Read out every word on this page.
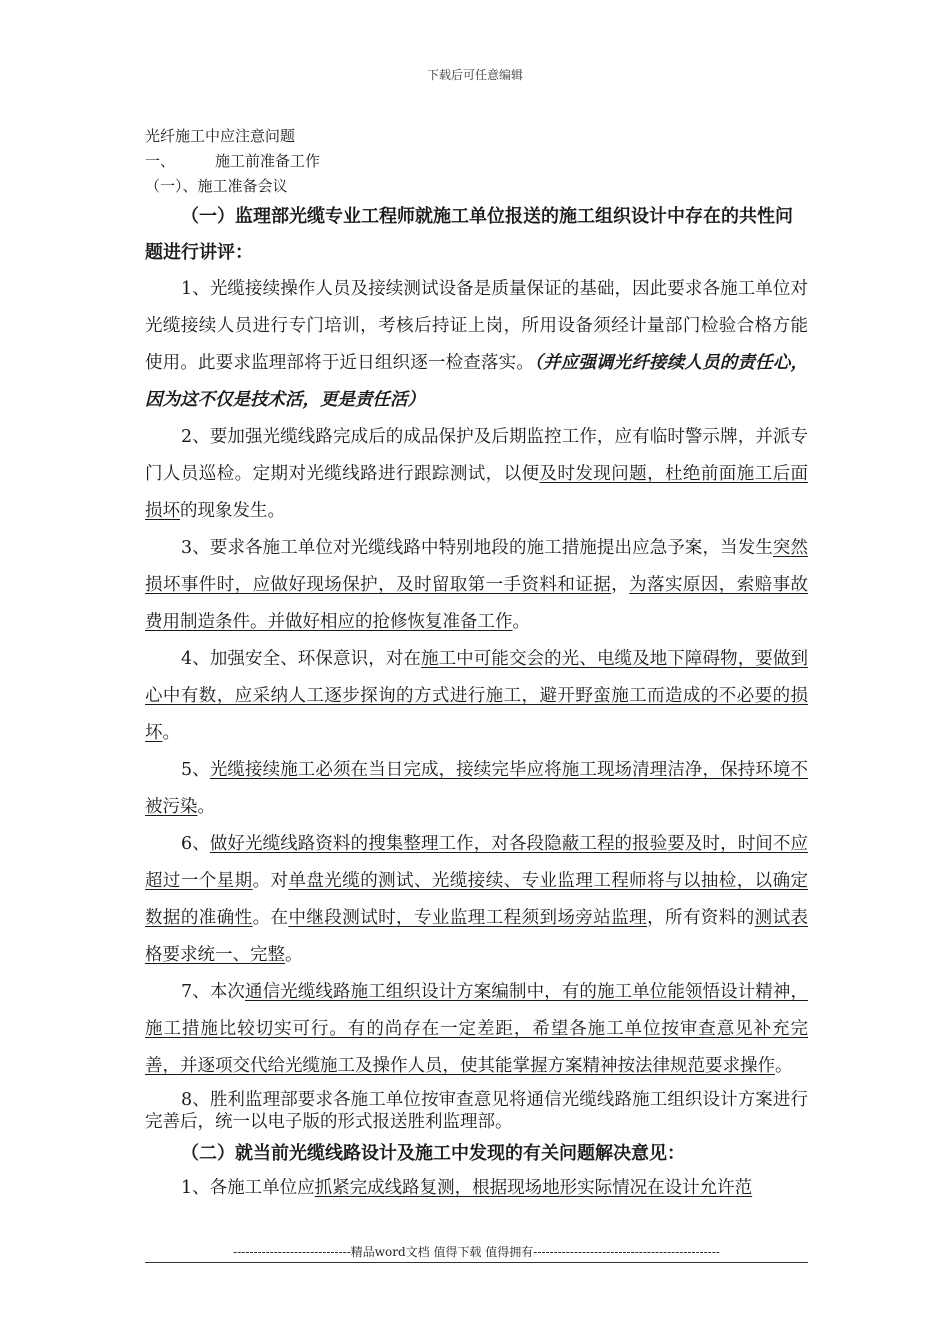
下载后可任意编辑

光纤施工中应注意问题

一、	施工前准备工作

（一）、施工准备会议

（一）监理部光缆专业工程师就施工单位报送的施工组织设计中存在的共性问题进行讲评：

1、光缆接续操作人员及接续测试设备是质量保证的基础，因此要求各施工单位对光缆接续人员进行专门培训，考核后持证上岗，所用设备须经计量部门检验合格方能使用。此要求监理部将于近日组织逐一检查落实。（并应强调光纤接续人员的责任心，因为这不仅是技术活，更是责任活）

2、要加强光缆线路完成后的成品保护及后期监控工作，应有临时警示牌，并派专门人员巡检。定期对光缆线路进行跟踪测试，以便及时发现问题，杜绝前面施工后面损坏的现象发生。

3、要求各施工单位对光缆线路中特别地段的施工措施提出应急予案，当发生突然损坏事件时，应做好现场保护，及时留取第一手资料和证据，为落实原因，索赔事故费用制造条件。并做好相应的抢修恢复准备工作。

4、加强安全、环保意识，对在施工中可能交会的光、电缆及地下障碍物，要做到心中有数，应采纳人工逐步探询的方式进行施工，避开野蛮施工而造成的不必要的损坏。

5、光缆接续施工必须在当日完成，接续完毕应将施工现场清理洁净，保持环境不被污染。

6、做好光缆线路资料的搜集整理工作，对各段隐蔽工程的报验要及时，时间不应超过一个星期。对单盘光缆的测试、光缆接续、专业监理工程师将与以抽检，以确定数据的准确性。在中继段测试时，专业监理工程须到场旁站监理，所有资料的测试表格要求统一、完整。

7、本次通信光缆线路施工组织设计方案编制中，有的施工单位能领悟设计精神，施工措施比较切实可行。有的尚存在一定差距，希望各施工单位按审查意见补充完善，并逐项交代给光缆施工及操作人员，使其能掌握方案精神按法律规范要求操作。

8、胜利监理部要求各施工单位按审查意见将通信光缆线路施工组织设计方案进行完善后，统一以电子版的形式报送胜利监理部。

（二）就当前光缆线路设计及施工中发现的有关问题解决意见：

1、各施工单位应抓紧完成线路复测，根据现场地形实际情况在设计允许范

-----------------------------精品word文档 值得下载 值得拥有----------------------------------------------
